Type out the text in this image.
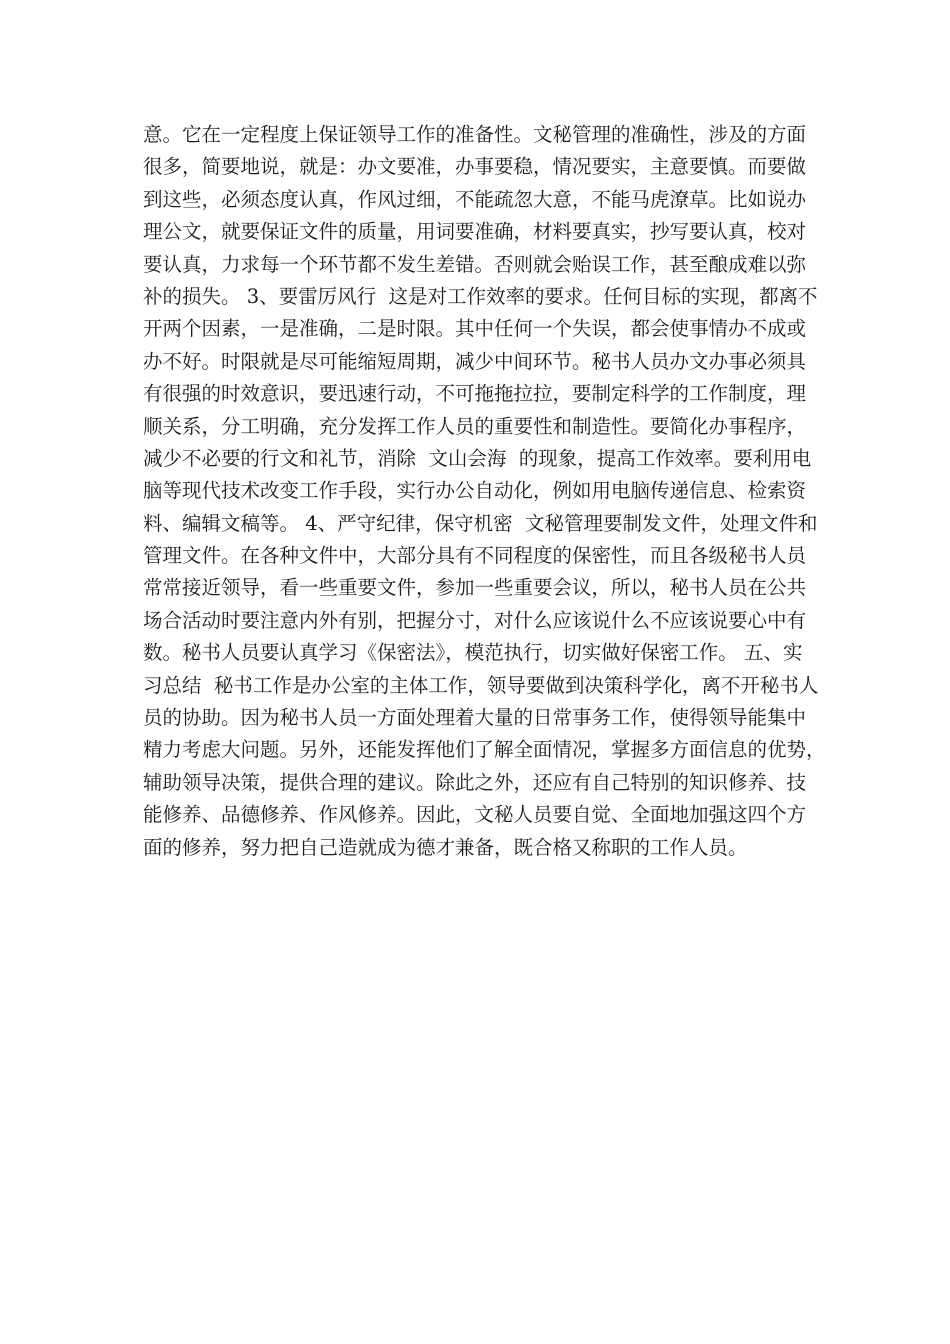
意。它在一定程度上保证领导工作的准备性。文秘管理的准确性，涉及的方面
很多，简要地说，就是：办文要准，办事要稳，情况要实，主意要慎。而要做
到这些，必须态度认真，作风过细，不能疏忽大意，不能马虎潦草。比如说办
理公文，就要保证文件的质量，用词要准确，材料要真实，抄写要认真，校对
要认真，力求每一个环节都不发生差错。否则就会贻误工作，甚至酿成难以弥
补的损失。 3、要雷厉风行  这是对工作效率的要求。任何目标的实现，都离不
开两个因素，一是准确，二是时限。其中任何一个失误，都会使事情办不成或
办不好。时限就是尽可能缩短周期，减少中间环节。秘书人员办文办事必须具
有很强的时效意识，要迅速行动，不可拖拖拉拉，要制定科学的工作制度，理
顺关系，分工明确，充分发挥工作人员的重要性和制造性。要简化办事程序，
减少不必要的行文和礼节，消除  文山会海  的现象，提高工作效率。要利用电
脑等现代技术改变工作手段，实行办公自动化，例如用电脑传递信息、检索资
料、编辑文稿等。 4、严守纪律，保守机密  文秘管理要制发文件，处理文件和
管理文件。在各种文件中，大部分具有不同程度的保密性，而且各级秘书人员
常常接近领导，看一些重要文件，参加一些重要会议，所以，秘书人员在公共
场合活动时要注意内外有别，把握分寸，对什么应该说什么不应该说要心中有
数。秘书人员要认真学习《保密法》，模范执行，切实做好保密工作。 五、实
习总结  秘书工作是办公室的主体工作，领导要做到决策科学化，离不开秘书人
员的协助。因为秘书人员一方面处理着大量的日常事务工作，使得领导能集中
精力考虑大问题。另外，还能发挥他们了解全面情况，掌握多方面信息的优势，
辅助领导决策，提供合理的建议。除此之外，还应有自己特别的知识修养、技
能修养、品德修养、作风修养。因此，文秘人员要自觉、全面地加强这四个方
面的修养，努力把自己造就成为德才兼备，既合格又称职的工作人员。
